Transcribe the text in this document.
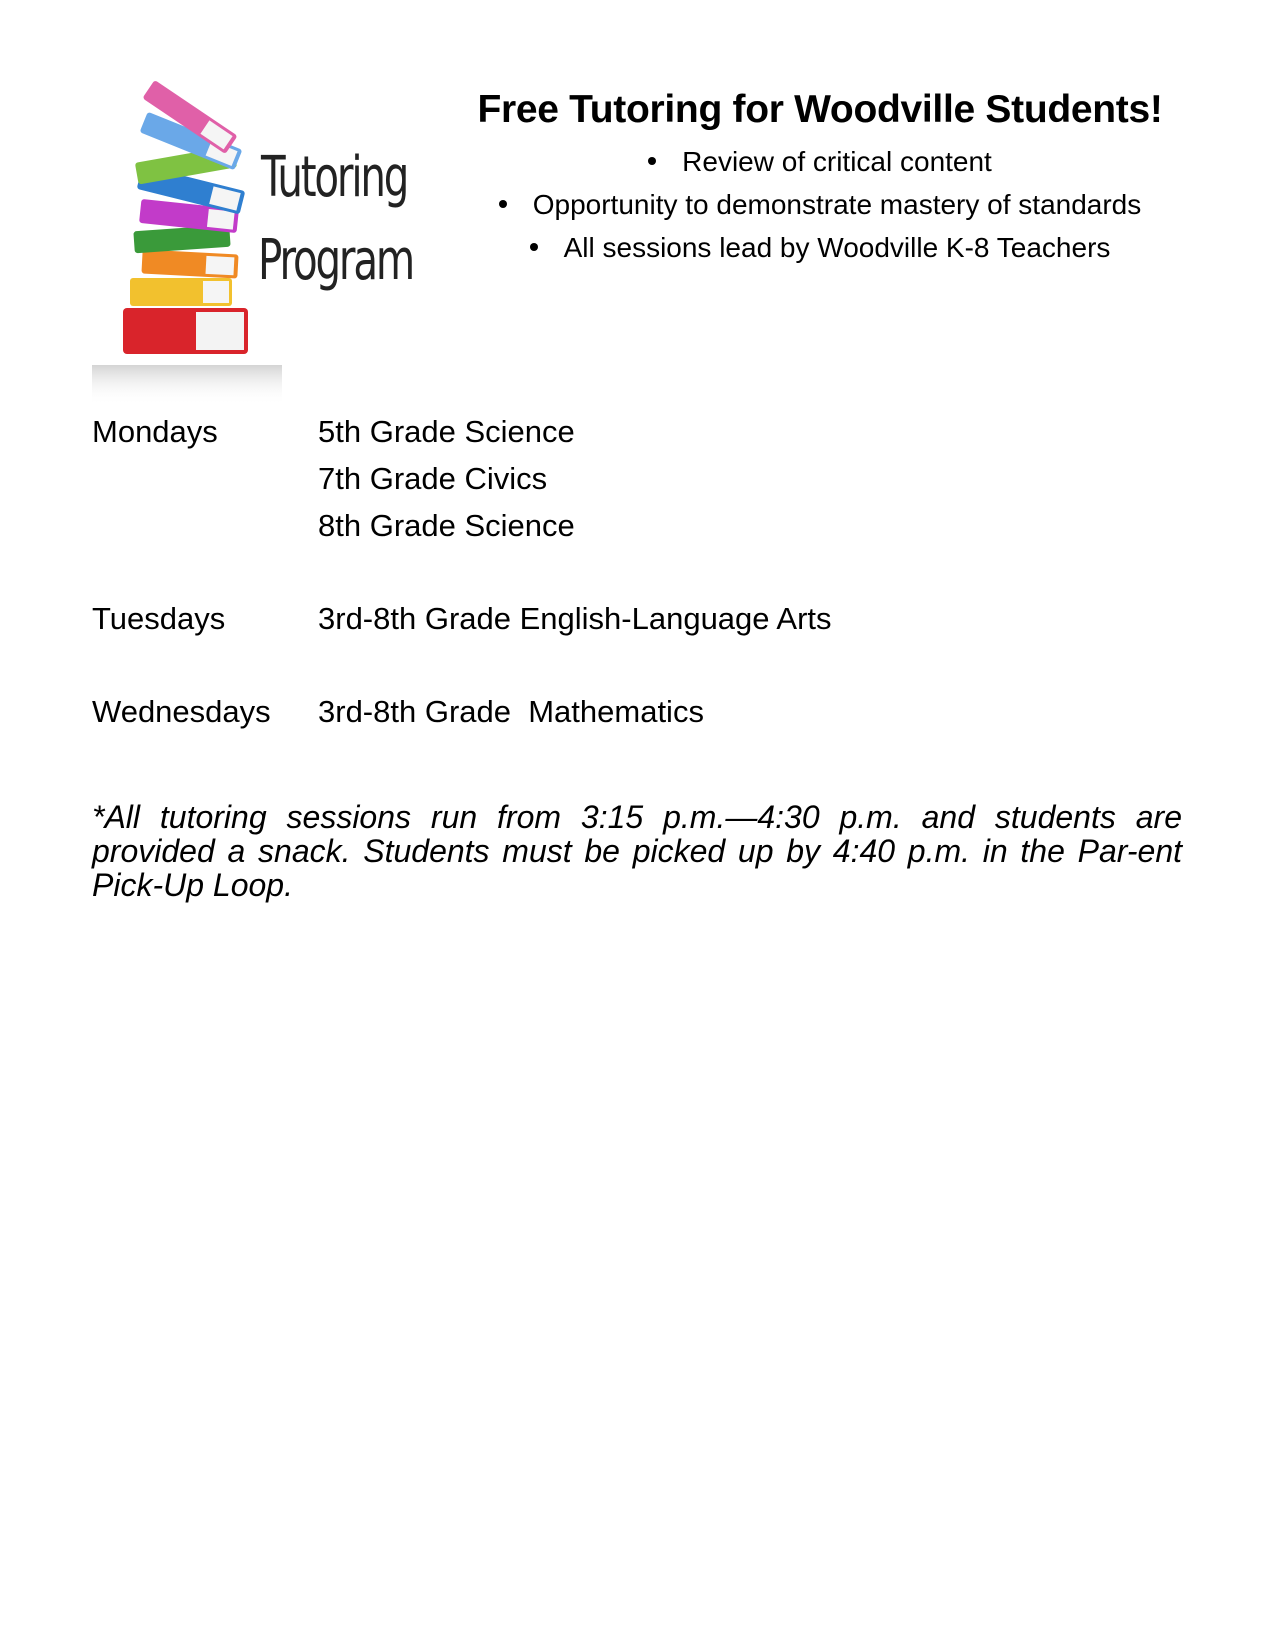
Tutoring
Program
Free Tutoring for Woodville Students!
Review of critical content
Opportunity to demonstrate mastery of standards
All sessions lead by Woodville K-8 Teachers
Mondays	5th Grade Science
7th Grade Civics
8th Grade Science
Tuesdays	3rd-8th Grade English-Language Arts
Wednesdays	3rd-8th Grade  Mathematics

*All tutoring sessions run from 3:15 p.m.—4:30 p.m. and students are provided a snack. Students must be picked up by 4:40 p.m. in the Par-ent Pick-Up Loop.
